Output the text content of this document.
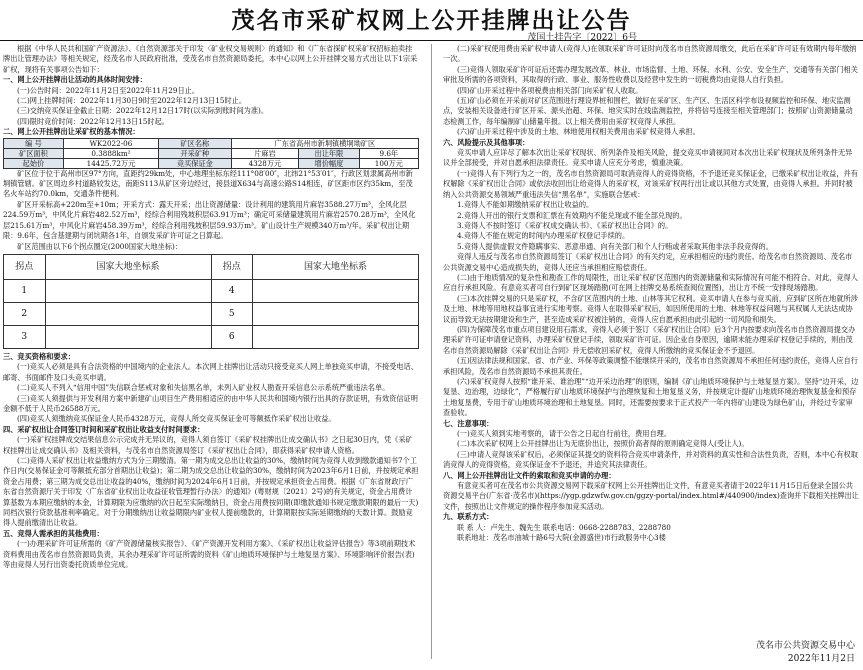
茂名市采矿权网上公开挂牌出让公告
茂国土挂告字〔2022〕6号

根据《中华人民共和国矿产资源法》、《自然资源部关于印发〈矿业权交易规则〉的通知》和《广东省探矿权采矿权招标拍卖挂牌出让管理办法》等相关规定，经茂名市人民政府批准，受茂名市自然资源局委托，本中心以网上公开挂牌交易方式出让以下1宗采矿权，现将有关事项公告如下：

一、网上公开挂牌出让活动的具体时间安排：

(一)公告时间：2022年11月2日至2022年11月29日止。

(二)网上挂牌时间：2022年11月30日9时至2022年12月13日15时止。

(三)交纳竞买保证金截止日期：2022年12月12日17时(以实际到账时间为准)。

(四)限时竞价时间：2022年12月13日15时起。

二、网上公开挂牌出让采矿权的基本情况：

编 号	WK2022-06	矿区名称	广东省高州市新垌镇横垌坳矿区		
矿区面积	0.3888km²	开采矿种	片麻岩	出让年限	9.6年
起始价	14425.72万元	竞买保证金	4328万元	增价幅度	100万元

矿区位于位于高州市区97°方向，直距约29km处，中心地理坐标东经111°08′00″，北纬21°53′01″，行政区划隶属高州市新垌镇管辖。矿区周边乡村道路较发达，南距S113从矿区旁边经过，接县道X634与高速公路S14相连，矿区距市区约35km，至茂名火车站约70.0km，交通条件便利。

矿区开采标高+220m至+10m；开采方式：露天开采；出让资源储量：设计利用的建筑用片麻岩3588.27万m³，全风化层224.59万m³，中风化片麻岩482.52万m³，经综合利用残坡积层63.91万m³；确定可采储量建筑用片麻岩2570.28万m³，全风化层215.61万m³，中风化片麻岩458.39万m³，经综合利用残坡积层59.93万m³。矿山设计生产规模340万m³/年。采矿权出让期限：9.6年，包含基建期与闭坑期各1年，自颁发采矿许可证之日算起。

矿区范围由以下6个拐点圈定(2000国家大地坐标)：

拐点	国家大地坐标系	拐点	国家大地坐标系
1		4	
2		5	
3		6	

三、竞买资格和要求：

(一)竞买人必须是具有合法资格的中国境内的企业法人。本次网上挂牌出让活动只接受竞买人网上单独竞买申请，不接受电话、邮寄、书面邮件及口头竞买申请。

(二)竞买人不列入“信用中国”失信联合惩戒对象和失信黑名单，未列入矿业权人勘查开采信息公示系统严重违法名单。

(三)竞买人须提供与开发利用方案中新建矿山项目生产费用相适应的由中华人民共和国境内银行出具的存款证明，有效资信证明金额不低于人民币26588万元。

(四)竞买人须缴纳竞买保证金人民币4328万元，竞得人所交竞买保证金可等额抵作采矿权出让收益。

四、采矿权出让合同签订时间和采矿权出让收益支付时间要求：

(一)采矿权挂牌成交结果信息公示完成并无异议的，竞得人须自签订《采矿权挂牌出让成交确认书》之日起30日内，凭《采矿权挂牌出让成交确认书》及相关资料，与茂名市自然资源局签订《采矿权出让合同》，即获得采矿权申请人资格。

(二)竞得人采矿权出让收益缴纳方式为分三期缴清。第一期为成交总出让收益的30%，缴纳时间为竞得人收到缴款通知书7个工作日内(交易保证金可等额抵充部分首期出让收益)；第二期为成交总出让收益的30%，缴纳时间为2023年6月1日前，并按规定承担资金占用费；第三期为成交总出让收益的40%，缴纳时间为2024年6月1日前，并按规定承担资金占用费。根据《广东省财政厅广东省自然资源厅关于印发〈广东省矿业权出让收益征收管理暂行办法〉的通知》(粤财规〔2021〕2号)的有关规定，资金占用费计算基数为本期应缴纳的本金，计算期限为应缴纳的次日起至实际缴纳日，资金占用费按同期(即缴款通知书规定缴款期限的最后一天)同档次银行贷款基准利率确定。对于分期缴纳出让收益期限内矿业权人提前缴款的，计算期限按实际延期缴纳的天数计算。鼓励竞得人提前缴清出让收益。

五、竞得人需承担的其他费用：

(一)办理采矿许可证所需的《矿产资源储量核实报告》、《矿产资源开发利用方案》、《采矿权出让收益评估报告》等3项前期技术资料费用由茂名市自然资源局负责，其余办理采矿许可证所需的资料《矿山地质环境保护与土地复垦方案》、环境影响评价报告(表)等由竞得人另行出资委托资质单位完成。

(二)采矿权使用费由采矿权申请人(竞得人)在领取采矿许可证时向茂名市自然资源局缴交，此后在采矿许可证有效期内每年缴纳一次。

(三)竞得人领取采矿许可证后还需办理发展改革、林业、市场监督、土地、环保、水利、公安、安全生产、交通等有关部门相关审批及所需的各项资料，其取得的行政、事业、服务性收费以及经营中发生的一切税费均由竞得人自行负担。

(四)矿山开采过程中各项税费由相关部门向采矿权人收取。

(五)矿山必须在开采前对矿区范围进行理设界桩和围栏，做好在采矿区、生产区、生活区科学布设视频监控和环保、地灾监测点，安装相关设备进行矿区开采、源头治超、环保、地灾实时在线监测监控，并将信号连接至相关管理部门；按照矿山资源储量动态检测工作，每年编制矿山储量年报。以上相关费用由采矿权竞得人承担。

(六)矿山开采过程中涉及的土地、林地使用权相关费用由采矿权竞得人承担。

六、风险提示及其他事项：

竞买申请人应详尽了解本次出让采矿权现状、所列条件及相关风险，提交竞买申请视同对本次出让采矿权现状及所列条件无异议并全部接受，并对自愿承担法律责任。竞买申请人应充分考虑，慎重决策。

(一)竞得人有下列行为之一的，茂名市自然资源局可取消竞得人的竞得资格，不予退还竞买保证金，已缴采矿权出让收益，并有权解除《采矿权出让合同》或依法收回出让给竞得人的采矿权，对该采矿权再行出让或以其他方式处置，由竞得人承担。并同时被纳入公共资源交易领域严重违法失信“黑名单”，实施联合惩戒：

1.竞得人不能如期缴纳采矿权出让收益的。

2.竞得人开出的银行支票和汇票在有效期内不能兑现或不能全部兑现的。

3.竞得人不按时签订《采矿权成交确认书》、《采矿权出让合同》的。

4.竞得人不能在规定的时间内办理采矿权登记手续的。

5.竞得人提供虚假文件隐瞒事实、恶意串通、向有关部门和个人行贿或者采取其他非法手段竞得的。

竞得人违反与茂名市自然资源局签订《采矿权出让合同》的有关约定，应承担相应的违约责任。给茂名市自然资源局、茂名市公共资源交易中心造成损失的，竞得人还应当承担相应赔偿责任。

(二)由于地质情况的复杂性和勘查工作的局限性，出让采矿权矿区范围内的资源储量和实际情况有可能不相符合。对此，竞得人应自行承担风险。有意竞买者可自行到矿区现场踏勘(可在网上挂牌交易系统查阅位置图)，出让方不统一安排现场踏勘。

(三)本次挂牌交易的只是采矿权，不含矿区范围内的土地、山林等其它权利。竞买申请人在参与竞买前，应到矿区所在地就所涉及土地、林地等用地权益事宜进行实地考察。竞得人在取得采矿权后，如因所使用的土地、林地等权益问题与其权属人无法达成协议而导致无法按期建设和生产，甚至造成采矿权被注销的，竞得人应自愿承担由此引起的一切风险和损失。

(四)为保障茂名市重点项目建设用石需求，竞得人必须于签订《采矿权出让合同》后3个月内按要求向茂名市自然资源局提交办理采矿许可证申请登记资料，办理采矿权登记手续，领取采矿许可证。因企业自身原因，逾期未能办理采矿权登记手续的，则由茂名市自然资源局解除《采矿权出让合同》并无偿收回采矿权，竞得人所缴纳的竞买保证金不予退回。

(五)因法律法规和国家、省、市产业、环保等政策调整不能继续开采的，茂名市自然资源局不承担任何违约责任，竞得人应自行承担风险，茂名市自然资源局不承担其责任。

(六)采矿权竞得人按照“谁开采、谁治理”“边开采边治理”的原则，编制《矿山地质环境保护与土地复垦方案》。坚持“边开采，边复垦、边治理，边绿化”，严格履行矿山地质环境保护与治理恢复和土地复垦义务，并按规定计提矿山地质环境治理恢复基金和预存土地复垦费，专用于矿山地质环境治理和土地复垦。同时，还需要按要求于正式投产一年内将矿山建设为绿色矿山，并经过专家审查验收。

七、注意事项：

(一)竞买人须到实地考察的，请于公告之日起自行前往，费用自理。

(二)本次采矿权网上公开挂牌出让为无底价出让，按照价高者得的原则确定竞得人(受让人)。

(三)申请人竞得该采矿权后，必须保证其提交的资料符合竞买申请条件，并对资料的真实性和合法性负责，否则，本中心有权取消竞得人的竞得资格，竞买保证金不予退还，并追究其法律责任。

八、网上公开挂牌出让文件的索取和竞买申请的办理：

有意竞买者可在茂名市公共资源交易网下载采矿权网上公开挂牌出让文件，有意竞买者请于2022年11月15日后登录全国公共资源交易平台(广东省·茂名市)(https://ygp.gdzwfw.gov.cn/ggzy-portal/index.html#/440900/index)查询并下载相关挂牌出让文件，按照出让文件规定的操作程序参加竞买活动。

九、联系方式：

联 系 人：卢先生、魏先生 联系电话：0668-2288783、2288780

联系地址：茂名市油城十路6号大院(金源盛世)市行政服务中心3楼

茂名市公共资源交易中心
2022年11月2日
